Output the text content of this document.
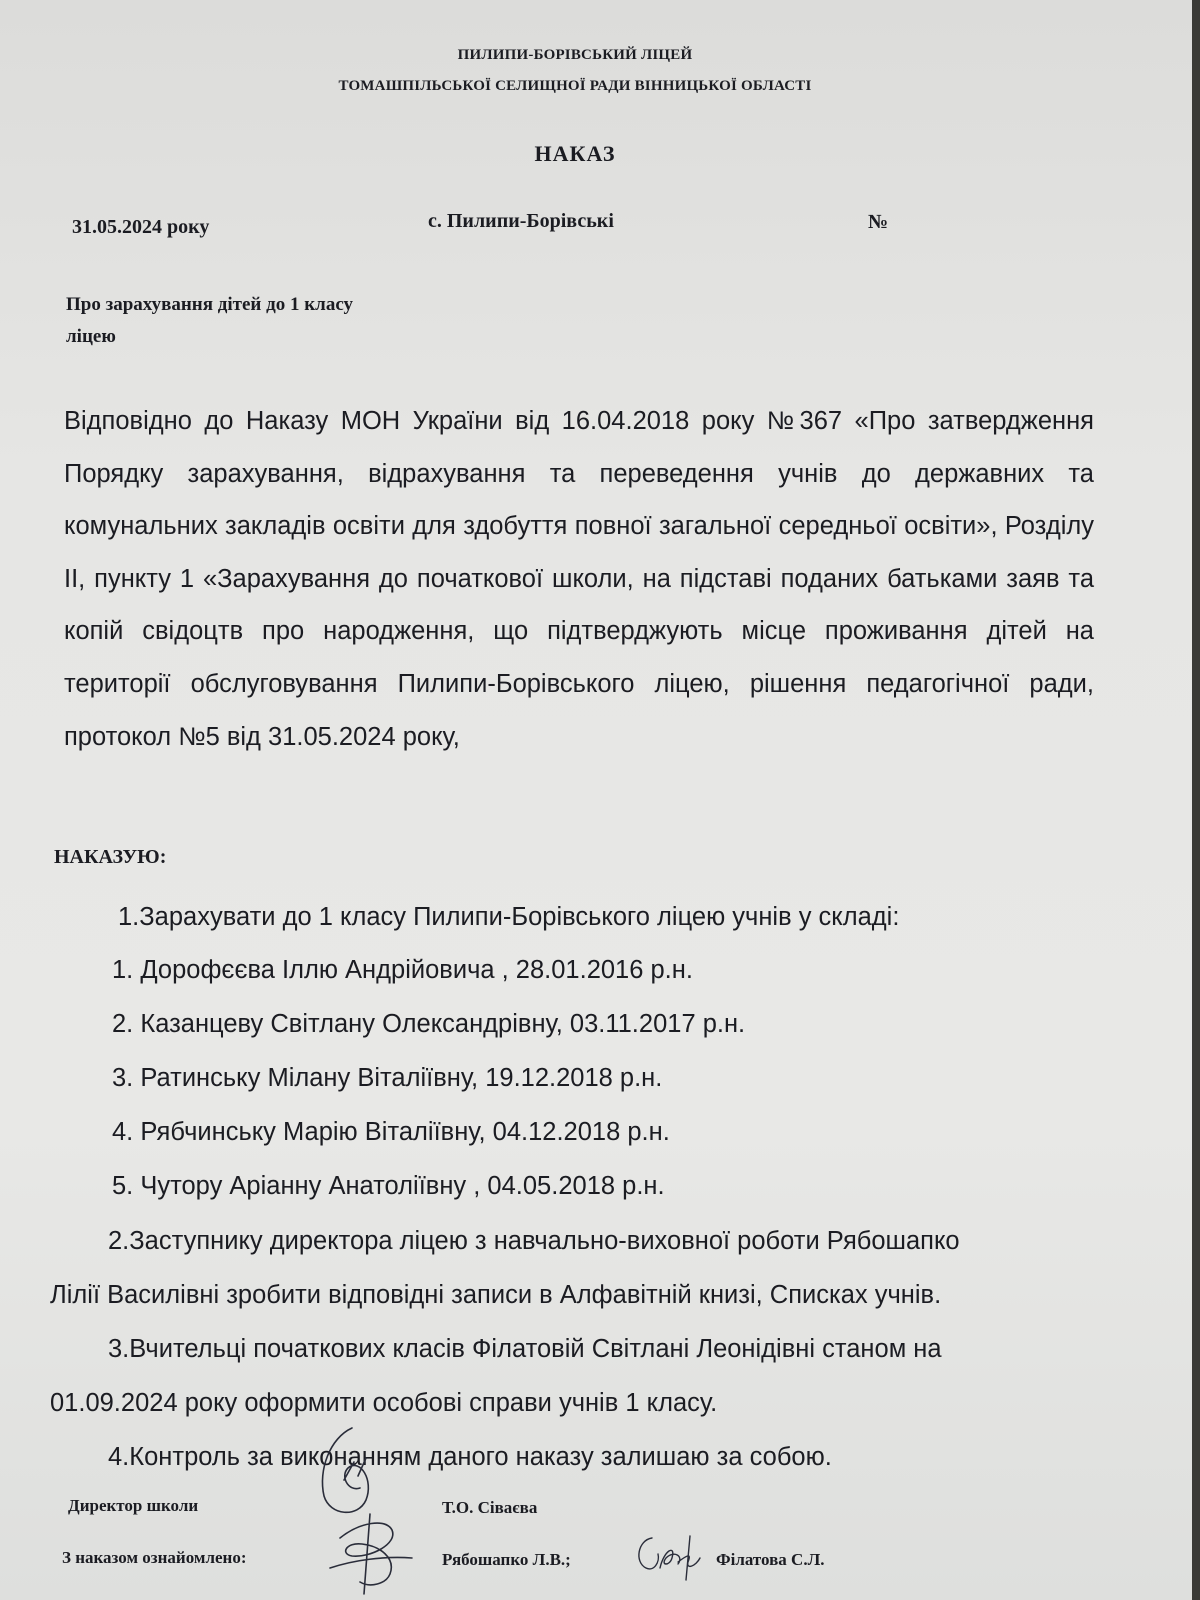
ПИЛИПИ-БОРІВСЬКИЙ ЛІЦЕЙ
ТОМАШПІЛЬСЬКОЇ СЕЛИЩНОЇ РАДИ ВІННИЦЬКОЇ ОБЛАСТІ
НАКАЗ
31.05.2024 року	с. Пилипи-Борівські	№
Про зарахування дітей до 1 класу
ліцею
Відповідно до Наказу МОН України від 16.04.2018 року №367 «Про затвердження Порядку зарахування, відрахування та переведення учнів до державних та комунальних закладів освіти для здобуття повної загальної середньої освіти», Розділу ІІ, пункту 1 «Зарахування до початкової школи, на підставі поданих батьками заяв та копій свідоцтв про народження, що підтверджують місце проживання дітей на території обслуговування Пилипи-Борівського ліцею, рішення педагогічної ради, протокол №5 від 31.05.2024 року,
НАКАЗУЮ:
1.Зарахувати до 1 класу Пилипи-Борівського ліцею учнів у складі:
1. Дорофєєва Іллю Андрійовича , 28.01.2016 р.н.
2. Казанцеву Світлану Олександрівну, 03.11.2017 р.н.
3. Ратинську Мілану Віталіївну, 19.12.2018 р.н.
4. Рябчинську Марію Віталіївну, 04.12.2018 р.н.
5. Чутору Аріанну Анатоліївну , 04.05.2018 р.н.
2.Заступнику директора ліцею з навчально-виховної роботи Рябошапко
Лілії Василівні зробити відповідні записи в Алфавітній книзі, Списках учнів.
3.Вчительці початкових класів Філатовій Світлані Леонідівні станом на
01.09.2024 року оформити особові справи учнів 1 класу.
4.Контроль за виконанням даного наказу залишаю за собою.
Директор школи	Т.О. Сіваєва
З наказом ознайомлено:	Рябошапко Л.В.;	Філатова С.Л.
